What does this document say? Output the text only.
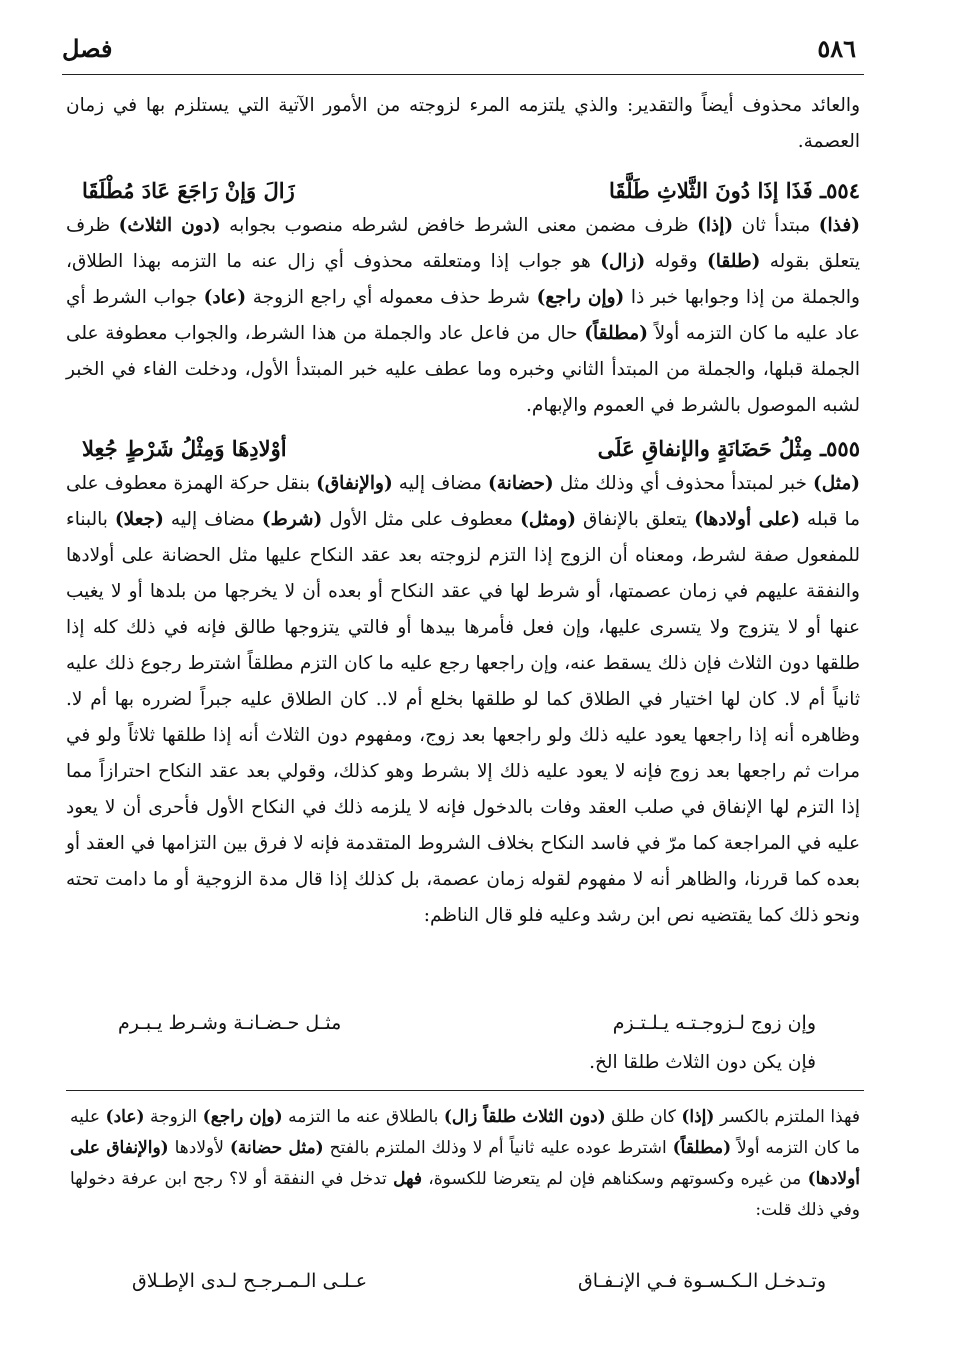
٥٨٦
فصل
والعائد محذوف أيضاً والتقدير: والذي يلتزمه المرء لزوجته من الأمور الآتية التي يستلزم بها في زمان العصمة.
٥٥٤ـ فَذَا إذَا دُونَ الثَّلاثِ طَلَّقَا
زَالَ وَإنْ رَاجَعَ عَادَ مُطْلَقَا
(فذا) مبتدأ ثان (إذا) ظرف مضمن معنى الشرط خافض لشرطه منصوب بجوابه (دون الثلاث) ظرف يتعلق بقوله (طلقا) وقوله (زال) هو جواب إذا ومتعلقه محذوف أي زال عنه ما التزمه بهذا الطلاق، والجملة من إذا وجوابها خبر ذا (وإن راجع) شرط حذف معموله أي راجع الزوجة (عاد) جواب الشرط أي عاد عليه ما كان التزمه أولاً (مطلقاً) حال من فاعل عاد والجملة من هذا الشرط، والجواب معطوفة على الجملة قبلها، والجملة من المبتدأ الثاني وخبره وما عطف عليه خبر المبتدأ الأول، ودخلت الفاء في الخبر لشبه الموصول بالشرط في العموم والإبهام.
٥٥٥ـ مِثْلُ حَضَانَةٍ والإنفاقِ عَلَى
أوْلادِهَا وَمِثْلُ شَرْطٍ جُعِلا
(مثل) خبر لمبتدأ محذوف أي وذلك مثل (حضانة) مضاف إليه (والإنفاق) بنقل حركة الهمزة معطوف على ما قبله (على أولادها) يتعلق بالإنفاق (ومثل) معطوف على مثل الأول (شرط) مضاف إليه (جعلا) بالبناء للمفعول صفة لشرط، ومعناه أن الزوج إذا التزم لزوجته بعد عقد النكاح عليها مثل الحضانة على أولادها والنفقة عليهم في زمان عصمتها، أو شرط لها في عقد النكاح أو بعده أن لا يخرجها من بلدها أو لا يغيب عنها أو لا يتزوج ولا يتسرى عليها، وإن فعل فأمرها بيدها أو فالتي يتزوجها طالق فإنه في ذلك كله إذا طلقها دون الثلاث فإن ذلك يسقط عنه، وإن راجعها رجع عليه ما كان التزم مطلقاً اشترط رجوع ذلك عليه ثانياً أم لا. كان لها اختيار في الطلاق كما لو طلقها بخلع أم لا.. كان الطلاق عليه جبراً لضرره بها أم لا. وظاهره أنه إذا راجعها يعود عليه ذلك ولو راجعها بعد زوج، ومفهوم دون الثلاث أنه إذا طلقها ثلاثاً ولو في مرات ثم راجعها بعد زوج فإنه لا يعود عليه ذلك إلا بشرط وهو كذلك، وقولي بعد عقد النكاح احترازاً مما إذا التزم لها الإنفاق في صلب العقد وفات بالدخول فإنه لا يلزمه ذلك في النكاح الأول فأحرى أن لا يعود عليه في المراجعة كما مرّ في فاسد النكاح بخلاف الشروط المتقدمة فإنه لا فرق بين التزامها في العقد أو بعده كما قررنا، والظاهر أنه لا مفهوم لقوله زمان عصمة، بل كذلك إذا قال مدة الزوجية أو ما دامت تحته ونحو ذلك كما يقتضيه نص ابن رشد وعليه فلو قال الناظم:
وإن زوج لـزوجـتـه يـلـتـزم
مثـل حـضـانـة وشـرط يـبـرم
فإن يكن دون الثلاث طلقا الخ.
فهذا الملتزم بالكسر (إذا) كان طلق (دون الثلاث طلقاً زال) بالطلاق عنه ما التزمه (وإن راجع) الزوجة (عاد) عليه ما كان التزمه أولاً (مطلقاً) اشترط عوده عليه ثانياً أم لا وذلك الملتزم بالفتح (مثل حضانة) لأولادها (والإنفاق على أولادها) من غيره وكسوتهم وسكناهم فإن لم يتعرضا للكسوة، فهل تدخل في النفقة أو لا؟ رجح ابن عرفة دخولها وفي ذلك قلت:
وتـدخـل الـكـسـوة فـي الإنـفـاق
عـلـى الـمـرجـح لـدى الإطـلاق
